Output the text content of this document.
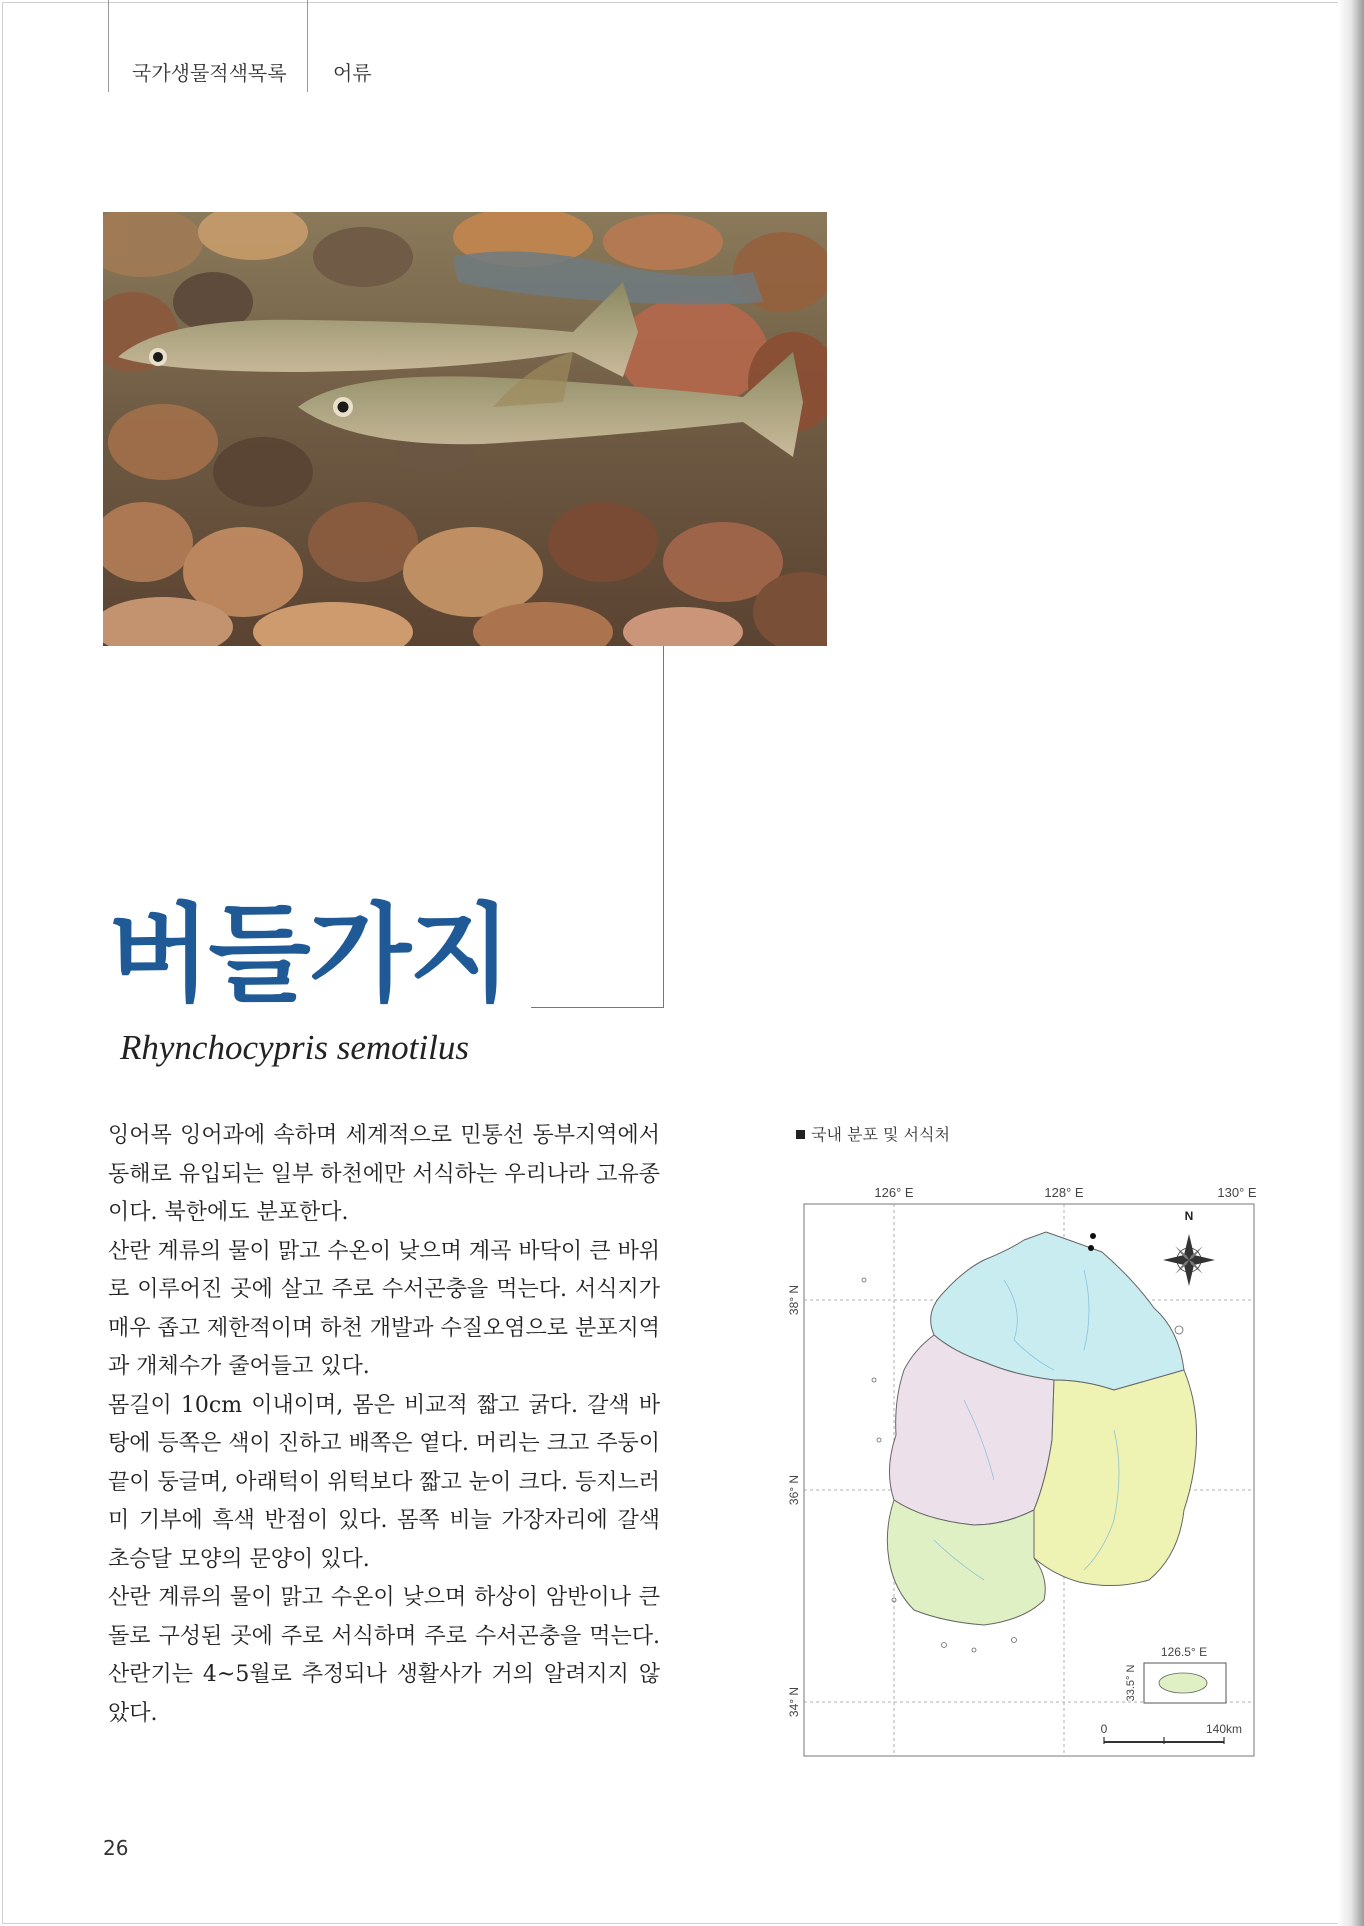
국가생물적색목록 어류
버들가지
Rhynchocypris semotilus

잉어목 잉어과에 속하며 세계적으로 민통선 동부지역에서 동해로 유입되는 일부 하천에만 서식하는 우리나라 고유종이다. 북한에도 분포한다.

산란 계류의 물이 맑고 수온이 낮으며 계곡 바닥이 큰 바위로 이루어진 곳에 살고 주로 수서곤충을 먹는다. 서식지가 매우 좁고 제한적이며 하천 개발과 수질오염으로 분포지역과 개체수가 줄어들고 있다.

몸길이 10cm 이내이며, 몸은 비교적 짧고 굵다. 갈색 바탕에 등쪽은 색이 진하고 배쪽은 옅다. 머리는 크고 주둥이 끝이 둥글며, 아래턱이 위턱보다 짧고 눈이 크다. 등지느러미 기부에 흑색 반점이 있다. 몸쪽 비늘 가장자리에 갈색 초승달 모양의 문양이 있다.

산란 계류의 물이 맑고 수온이 낮으며 하상이 암반이나 큰 돌로 구성된 곳에 주로 서식하며 주로 수서곤충을 먹는다. 산란기는 4~5월로 추정되나 생활사가 거의 알려지지 않았다.

국내 분포 및 서식처
126° E	128° E	130° E
38° N
36° N
34° N
N
126.5° E
33.5° N
0	140km
26
